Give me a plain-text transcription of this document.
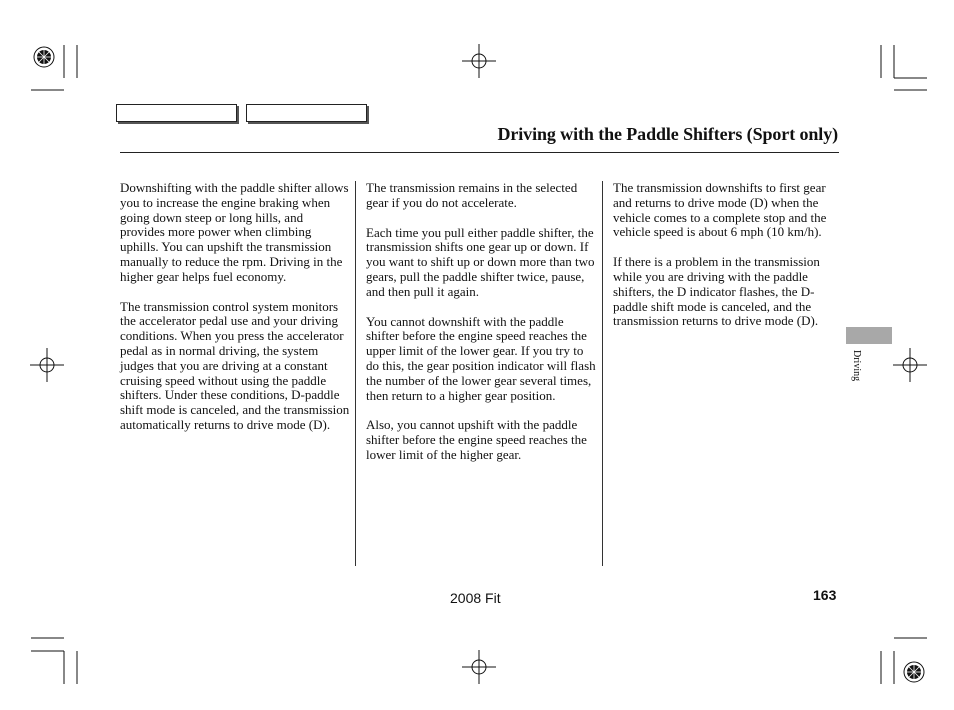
Driving with the Paddle Shifters (Sport only)

Downshifting with the paddle shifter allows you to increase the engine braking when going down steep or long hills, and provides more power when climbing uphills. You can upshift the transmission manually to reduce the rpm. Driving in the higher gear helps fuel economy.

The transmission control system monitors the accelerator pedal use and your driving conditions. When you press the accelerator pedal as in normal driving, the system judges that you are driving at a constant cruising speed without using the paddle shifters. Under these conditions, D-paddle shift mode is canceled, and the transmission automatically returns to drive mode (D).

The transmission remains in the selected gear if you do not accelerate.

Each time you pull either paddle shifter, the transmission shifts one gear up or down. If you want to shift up or down more than two gears, pull the paddle shifter twice, pause, and then pull it again.

You cannot downshift with the paddle shifter before the engine speed reaches the upper limit of the lower gear. If you try to do this, the gear position indicator will flash the number of the lower gear several times, then return to a higher gear position.

Also, you cannot upshift with the paddle shifter before the engine speed reaches the lower limit of the higher gear.

The transmission downshifts to first gear and returns to drive mode (D) when the vehicle comes to a complete stop and the vehicle speed is about 6 mph (10 km/h).

If there is a problem in the transmission while you are driving with the paddle shifters, the D indicator flashes, the D-paddle shift mode is canceled, and the transmission returns to drive mode (D).

Driving
2008 Fit	163
